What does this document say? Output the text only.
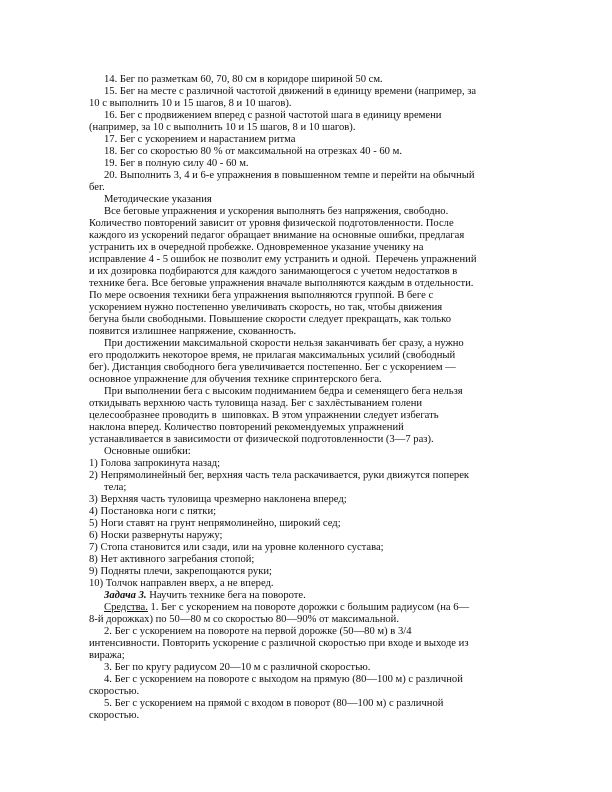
14. Бег по разметкам 60, 70, 80 см в коридоре шириной 50 см.
15. Бег на месте с различной частотой движений в единицу времени (например, за
10 с выполнить 10 и 15 шагов, 8 и 10 шагов).
16. Бег с продвижением вперед с разной частотой шага в единицу времени
(например, за 10 с выполнить 10 и 15 шагов, 8 и 10 шагов).
17. Бег с ускорением и нарастанием ритма
18. Бег со скоростью 80 % от максимальной на отрезках 40 - 60 м.
19. Бег в полную силу 40 - 60 м.
20. Выполнить 3, 4 и 6-е упражнения в повышенном темпе и перейти на обычный
бег.
Методические указания
Все беговые упражнения и ускорения выполнять без напряжения, свободно.
Количество повторений зависит от уровня физической подготовленности. После
каждого из ускорений педагог обращает внимание на основные ошибки, предлагая
устранить их в очередной пробежке. Одновременное указание ученику на
исправление 4 - 5 ошибок не позволит ему устранить и одной.  Перечень упражнений
и их дозировка подбираются для каждого занимающегося с учетом недостатков в
технике бега. Все беговые упражнения вначале выполняются каждым в отдельности.
По мере освоения техники бега упражнения выполняются группой. В беге с
ускорением нужно постепенно увеличивать скорость, но так, чтобы движения
бегуна были свободными. Повышение скорости следует прекращать, как только
появится излишнее напряжение, скованность.
При достижении максимальной скорости нельзя заканчивать бег сразу, а нужно
его продолжить некоторое время, не прилагая максимальных усилий (свободный
бег). Дистанция свободного бега увеличивается постепенно. Бег с ускорением —
основное упражнение для обучения технике спринтерского бега.
При выполнении бега с высоким подниманием бедра и семенящего бега нельзя
откидывать верхнюю часть туловища назад. Бег с захлёстыванием голени
целесообразнее проводить в  шиповках. В этом упражнении следует избегать
наклона вперед. Количество повторений рекомендуемых упражнений
устанавливается в зависимости от физической подготовленности (3—7 раз).
Основные ошибки:
1) Голова запрокинута назад;
2) Непрямолинейный бег, верхняя часть тела раскачивается, руки движутся поперек
тела;
3) Верхняя часть туловища чрезмерно наклонена вперед;
4) Постановка ноги с пятки;
5) Ноги ставят на грунт непрямолинейно, широкий сед;
6) Носки развернуты наружу;
7) Стопа становится или сзади, или на уровне коленного сустава;
8) Нет активного загребания стопой;
9) Подняты плечи, закрепощаются руки;
10) Толчок направлен вверх, а не вперед.
Задача 3. Научить технике бега на повороте.
Средства. 1. Бег с ускорением на повороте дорожки с большим радиусом (на 6—
8-й дорожках) по 50—80 м со скоростью 80—90% от максимальной.
2. Бег с ускорением на повороте на первой дорожке (50—80 м) в 3/4
интенсивности. Повторить ускорение с различной скоростью при входе и выходе из
виража;
3. Бег по кругу радиусом 20—10 м с различной скоростью.
4. Бег с ускорением на повороте с выходом на прямую (80—100 м) с различной
скоростью.
5. Бег с ускорением на прямой с входом в поворот (80—100 м) с различной
скоростью.
